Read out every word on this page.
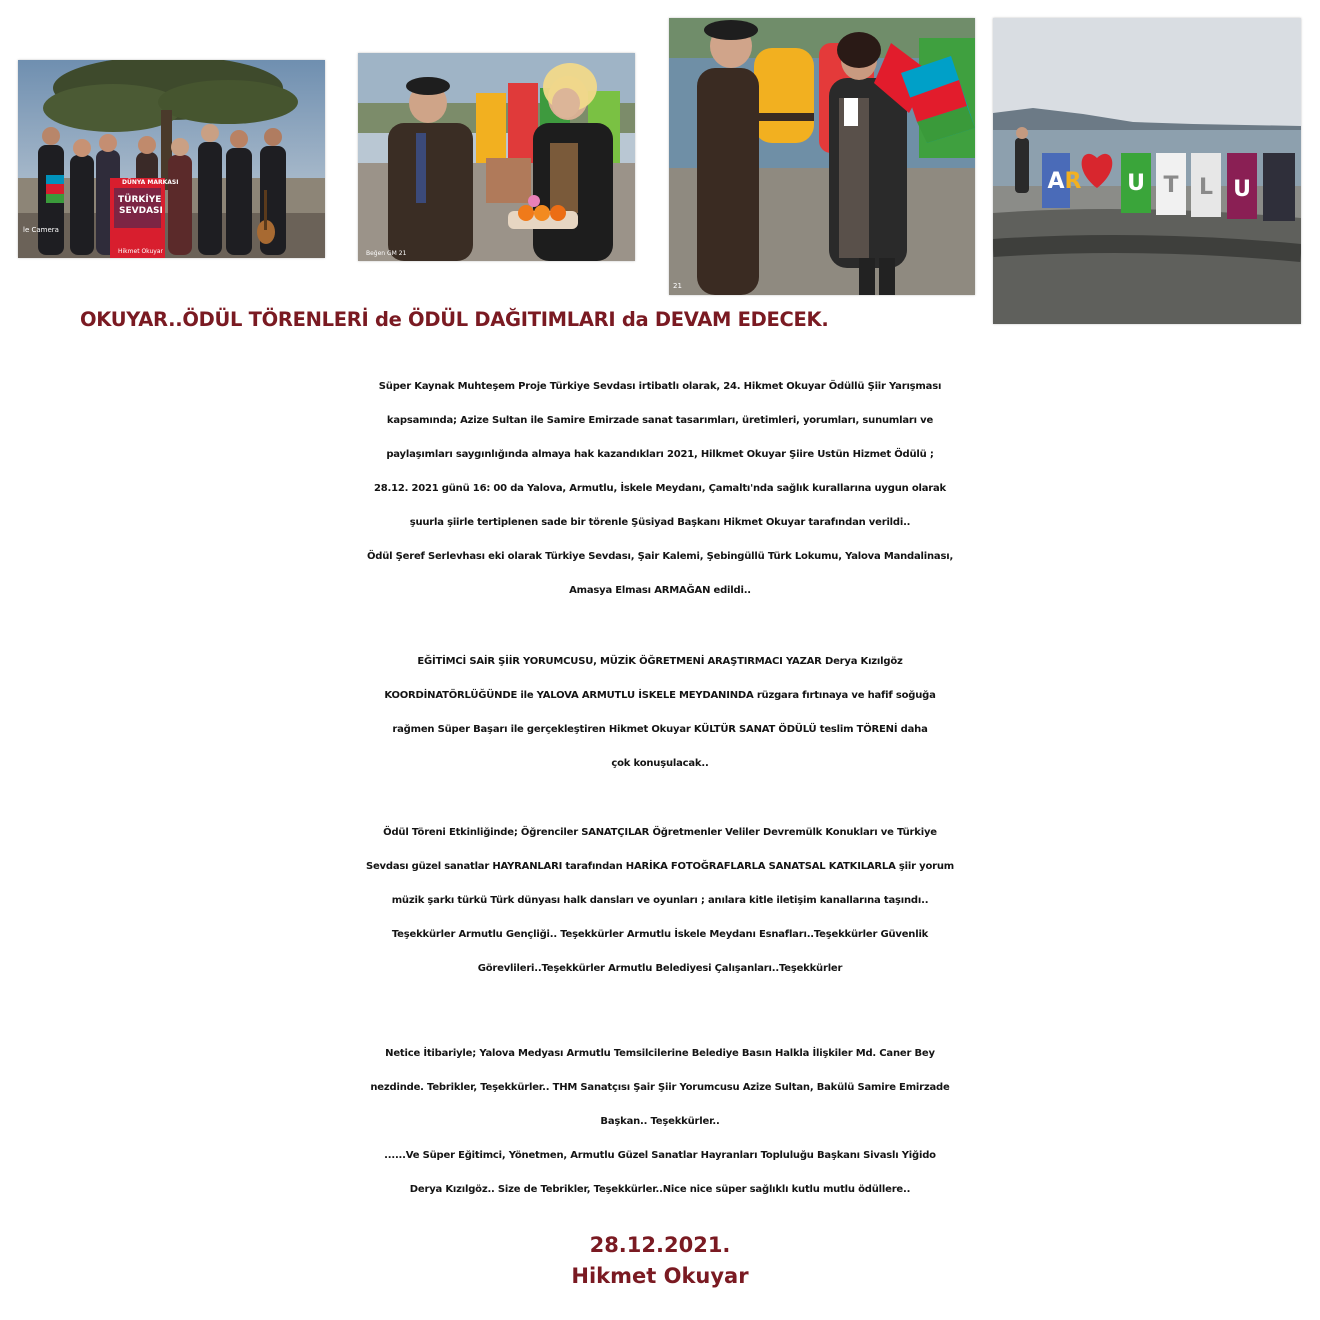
DÜNYA MARKASI
TÜRKİYE
SEVDASI
Hikmet Okuyar
le Camera
Beğen GM 21
21
A R U T L U
OKUYAR..ÖDÜL TÖRENLERİ de ÖDÜL DAĞITIMLARI da DEVAM EDECEK.
Süper Kaynak Muhteşem Proje Türkiye Sevdası irtibatlı olarak, 24. Hikmet Okuyar Ödüllü Şiir Yarışması
kapsamında; Azize Sultan ile Samire Emirzade sanat tasarımları, üretimleri, yorumları, sunumları ve
paylaşımları saygınlığında almaya hak kazandıkları 2021, Hilkmet Okuyar Şiire Ustün Hizmet Ödülü ;
28.12. 2021 günü 16: 00 da Yalova, Armutlu, İskele Meydanı, Çamaltı'nda sağlık kurallarına uygun olarak
şuurla şiirle tertiplenen sade bir törenle Şüsiyad Başkanı Hikmet Okuyar tarafından verildi..
Ödül Şeref Serlevhası eki olarak Türkiye Sevdası, Şair Kalemi, Şebingüllü Türk Lokumu, Yalova Mandalinası,
Amasya Elması ARMAĞAN edildi..
EĞİTİMCİ SAİR ŞİİR YORUMCUSU, MÜZİK ÖĞRETMENİ ARAŞTIRMACI YAZAR Derya Kızılgöz
KOORDİNATÖRLÜĞÜNDE ile YALOVA ARMUTLU İSKELE MEYDANINDA rüzgara fırtınaya ve hafif soğuğa
rağmen Süper Başarı ile gerçekleştiren Hikmet Okuyar KÜLTÜR SANAT ÖDÜLÜ teslim TÖRENİ daha
çok konuşulacak..
Ödül Töreni Etkinliğinde; Öğrenciler SANATÇILAR Öğretmenler Veliler Devremülk Konukları ve Türkiye
Sevdası güzel sanatlar HAYRANLARI tarafından HARİKA FOTOĞRAFLARLA SANATSAL KATKILARLA şiir yorum
müzik şarkı türkü Türk dünyası halk dansları ve oyunları ; anılara kitle iletişim kanallarına taşındı..
Teşekkürler Armutlu Gençliği.. Teşekkürler Armutlu İskele Meydanı Esnafları..Teşekkürler Güvenlik
Görevlileri..Teşekkürler Armutlu Belediyesi Çalışanları..Teşekkürler
Netice İtibariyle; Yalova Medyası Armutlu Temsilcilerine Belediye Basın Halkla İlişkiler Md. Caner Bey
nezdinde. Tebrikler, Teşekkürler.. THM Sanatçısı Şair Şiir Yorumcusu Azize Sultan, Bakülü Samire Emirzade
Başkan.. Teşekkürler..
......Ve Süper Eğitimci, Yönetmen, Armutlu Güzel Sanatlar Hayranları Topluluğu Başkanı Sivaslı Yiğido
Derya Kızılgöz.. Size de Tebrikler, Teşekkürler..Nice nice süper sağlıklı kutlu mutlu ödüllere..
28.12.2021.
Hikmet Okuyar
